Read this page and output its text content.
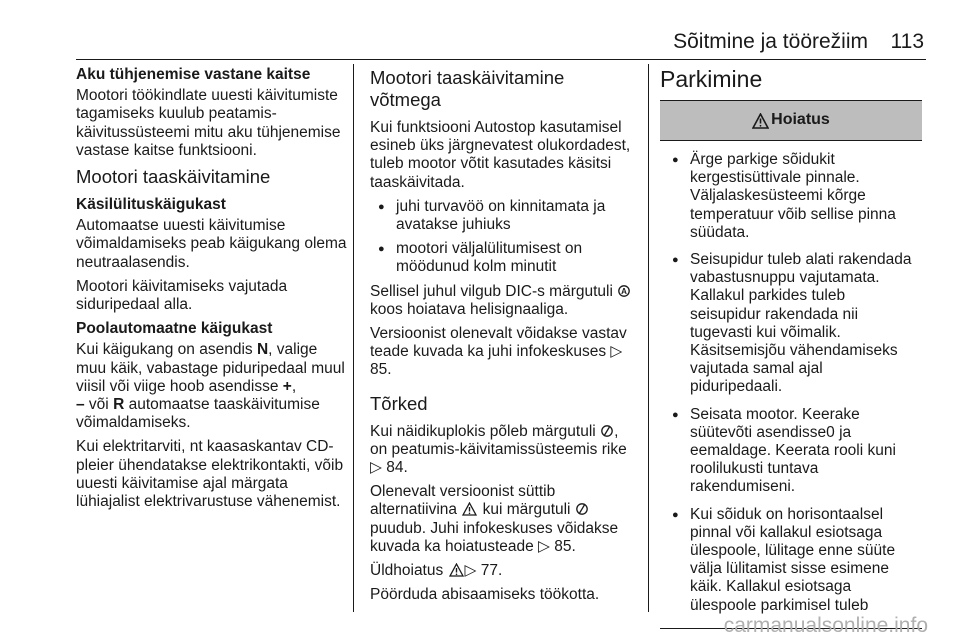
Sõitmine ja töörežiim 113
Aku tühjenemise vastane kaitse

Mootori töökindlate uuesti käivitumiste tagamiseks kuulub peatamis-käivitussüsteemi mitu aku tühjenemise vastase kaitse funktsiooni.

Mootori taaskäivitamine
Käsilülituskäigukast

Automaatse uuesti käivitumise võimaldamiseks peab käigukang olema neutraalasendis.

Mootori käivitamiseks vajutada siduripedaal alla.

Poolautomaatne käigukast

Kui käigukang on asendis N, valige muu käik, vabastage piduripedaal muul viisil või viige hoob asendisse +,
– või R automaatse taaskäivitumise võimaldamiseks.

Kui elektritarviti, nt kaasaskantav CD-pleier ühendatakse elektrikontakti, võib uuesti käivitamise ajal märgata lühiajalist elektrivarustuse vähenemist.

Mootori taaskäivitamine võtmega

Kui funktsiooni Autostop kasutamisel esineb üks järgnevatest olukordadest, tuleb mootor võtit kasutades käsitsi taaskäivitada.

● juhi turvavöö on kinnitamata ja avatakse juhiuks
● mootori väljalülitumisest on möödunud kolm minutit

Sellisel juhul vilgub DIC-s märgutuli A
koos hoiatava helisignaaliga.

Versioonist olenevalt võidakse vastav teade kuvada ka juhi infokeskuses ▷ 85.

Tõrked

Kui näidikuplokis põleb märgutuli , on peatumis-käivitamissüsteemis rike ▷ 84.

Olenevalt versioonist süttib alternatiivina  kui märgutuli  puudub. Juhi infokeskuses võidakse kuvada ka hoiatusteade ▷ 85.

Üldhoiatus ▷ 77.

Pöörduda abisaamiseks töökotta.

Parkimine
Hoiatus
● Ärge parkige sõidukit kergestisüttivale pinnale. Väljalaskesüsteemi kõrge temperatuur võib sellise pinna süüdata.
● Seisupidur tuleb alati rakendada vabastusnuppu vajutamata. Kallakul parkides tuleb seisupidur rakendada nii tugevasti kui võimalik. Käsitsemisjõu vähendamiseks vajutada samal ajal piduripedaali.
● Seisata mootor. Keerake süütevõti asendisse0 ja eemaldage. Keerata rooli kuni roolilukusti tuntava rakendumiseni.
● Kui sõiduk on horisontaalsel pinnal või kallakul esiotsaga ülespoole, lülitage enne süüte välja lülitamist sisse esimene käik. Kallakul esiotsaga ülespoole parkimisel tuleb
carmanualsonline.info
